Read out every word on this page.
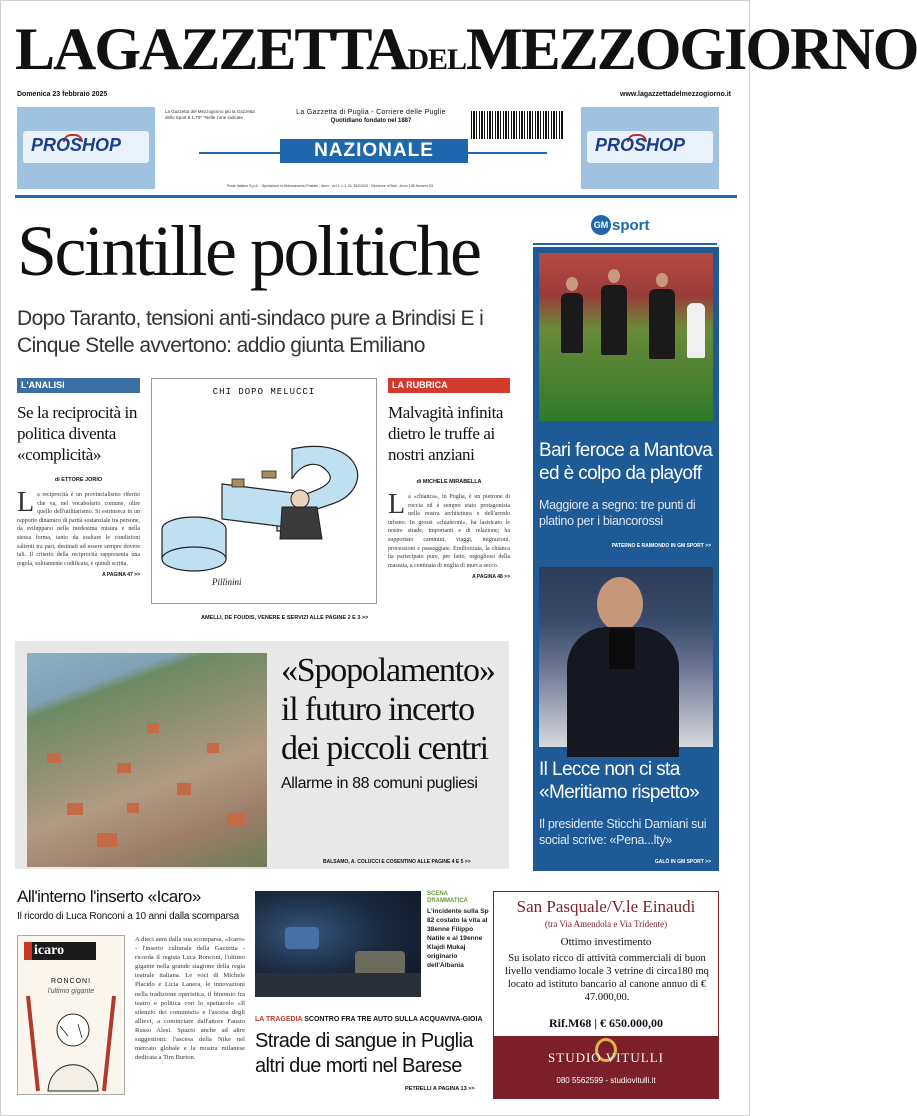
LAGAZZETTADELMEZZOGIORNO
Domenica 23 febbraio 2025	www.lagazzettadelmezzogiorno.it
PROSHOP
La Gazzetta del Mezzogiorno più la Gazzetta dello Sport € 1,70* *Nelle zone indicate
La Gazzetta di Puglia - Corriere delle Puglie
Quotidiano fondato nel 1887
NAZIONALE	PROSHOP
Poste Italiane S.p.A. - Spedizione in Abbonamento Postale - Anno - Art.1, c.1, DL 353/2003 - Direzione di Bari - Anno 138 Numero 53
Scintille politiche
Dopo Taranto, tensioni anti-sindaco pure a Brindisi E i Cinque Stelle avvertono: addio giunta Emiliano
L'ANALISI
Se la reciprocità in politica diventa «complicità»
di ETTORE JORIO
La reciprocità è un provincialismo riferito che va, nel vocabolario comune, oltre quello dell'utilitarismo. Si estrinseca in un rapporto dinamico di parità sostanziale tra persone, da svilupparsi nella medesima misura e nella stessa forma, tanto da esaltare le condizioni salienti tra pari, destinati ad essere sempre dovere tali. Il criterio della reciprocità rappresenta una regola, solitamente codificata, e quindi scritta.
A PAGINA 47 >>
CHI DOPO MELUCCI
Pillinini
AMELLI, DE FOUDIS, VENERE E SERVIZI ALLE PAGINE 2 E 3 >>
LA RUBRICA
Malvagità infinita dietro le truffe ai nostri anziani
di MICHELE MIRABELLA
La «chianca», in Puglia, è un pietrone di roccia ed è sempre stato protagonista nella nostra architettura e dell'arredo urbano. In grossi «chianconi», ha lastricato le nostre strade, importanti e di relazione; ha supportato cammini, viaggi, migrazioni, processioni e passeggiate. Emiliozzata, la chianca ha partecipato pure, per fatto, orgoglioso della massaia, a centinaia di miglia di muri a secco.
A PAGINA 48 >>
«Spopolamento» il futuro incerto dei piccoli centri
Allarme in 88 comuni pugliesi
BALSAMO, A. COLUCCI E COSENTINO ALLE PAGINE 4 E 5 >>
GM sport
Bari feroce a Mantova ed è colpo da playoff
Maggiore a segno: tre punti di platino per i biancorossi
PATERNO E RAIMONDO IN GM SPORT >>
Il Lecce non ci sta «Meritiamo rispetto»
Il presidente Sticchi Damiani sui social scrive: «Pena...lty»
GALÒ IN GM SPORT >>
All'interno l'inserto «Icaro»
Il ricordo di Luca Ronconi a 10 anni dalla scomparsa
icaro
RONCONI
l'ultimo gigante
A dieci anni dalla sua scomparsa, «Icaro» - l'inserto culturale della Gazzetta - ricorda il regista Luca Ronconi, l'ultimo gigante nella grande stagione della regia teatrale italiana. Le voci di Michele Placido e Licia Lanera, le innovazioni nella tradizione operistica, il binomio fra teatro e politica con lo spettacolo «Il silenzio dei comunisti» e l'ascesa degli allievi, a cominciare dall'attore Fausto Russo Alesi. Spazio anche ad altre suggestioni: l'ascesa della Nike nel mercato globale e la mostra milanese dedicata a Tim Burton.
SCENA DRAMMATICA
L'incidente sulla Sp 82 costato la vita al 38enne Filippo Natile e al 19enne Klajdi Mukaj originario dell'Albania
LA TRAGEDIA SCONTRO FRA TRE AUTO SULLA ACQUAVIVA-GIOIA
Strade di sangue in Puglia altri due morti nel Barese
PETRELLI A PAGINA 13 >>
San Pasquale/V.le Einaudi
(tra Via Amendola e Via Tridente)
Ottimo investimento
Su isolato ricco di attività commerciali di buon livello vendiamo locale 3 vetrine di circa180 mq locato ad istituto bancario al canone annuo di € 47.000,00.
Rif.M68 | € 650.000,00
STUDIO VITULLI
080 5562599 - studiovitulli.it
